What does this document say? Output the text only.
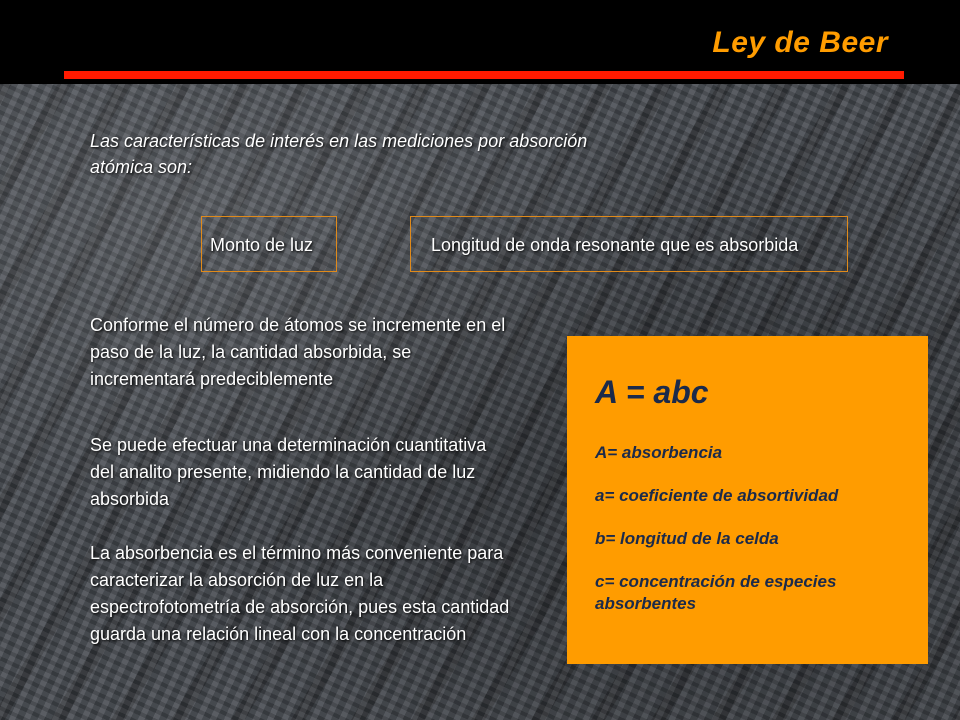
Ley de Beer
Las características de interés en las mediciones por absorción atómica son:
Monto de luz	Longitud de onda resonante que es absorbida
Conforme el número de átomos se incremente en el paso de la luz, la cantidad absorbida, se incrementará predeciblemente
Se puede efectuar una determinación cuantitativa del analito presente, midiendo la cantidad de luz absorbida
La absorbencia es el término más conveniente para caracterizar la absorción de luz en la espectrofotometría de absorción, pues esta cantidad guarda una relación lineal con la concentración
A = abc
A= absorbencia
a= coeficiente de absortividad
b= longitud de la celda
c= concentración de especies absorbentes
